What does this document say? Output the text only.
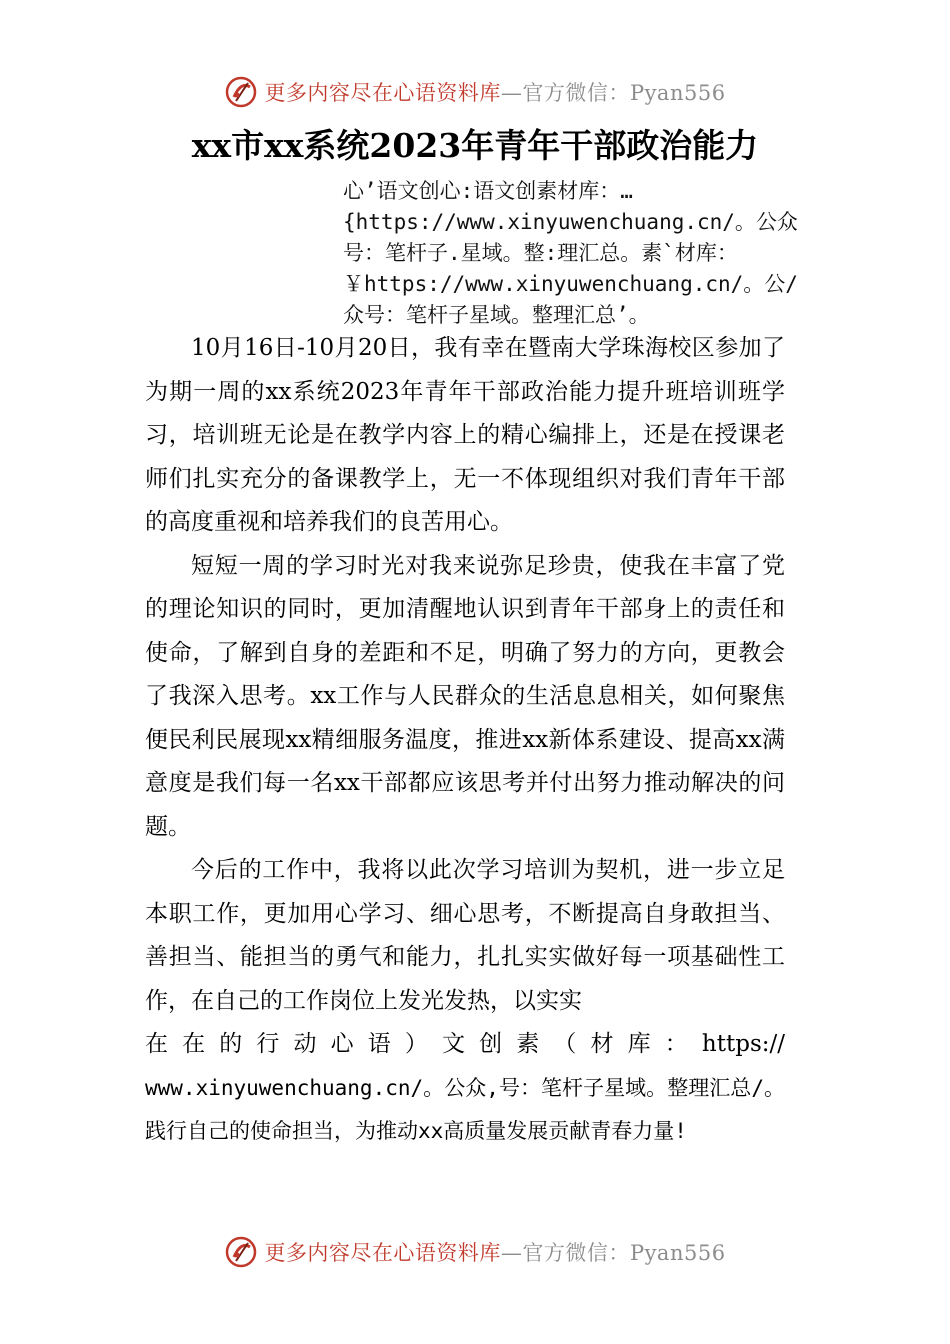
更多内容尽在心语资料库—官方微信：Pyan556
xx市xx系统2023年青年干部政治能力
心’语文创心:语文创素材库：…
{https://www.xinyuwenchuang.cn/。公众
号：笔杆子.星域。整:理汇总。素`材库：
￥https://www.xinyuwenchuang.cn/。公/
众号：笔杆子星域。整理汇总’。

10月16日-10月20日，我有幸在暨南大学珠海校区参加了为期一周的xx系统2023年青年干部政治能力提升班培训班学习，培训班无论是在教学内容上的精心编排上，还是在授课老师们扎实充分的备课教学上，无一不体现组织对我们青年干部的高度重视和培养我们的良苦用心。

短短一周的学习时光对我来说弥足珍贵，使我在丰富了党的理论知识的同时，更加清醒地认识到青年干部身上的责任和使命，了解到自身的差距和不足，明确了努力的方向，更教会了我深入思考。xx工作与人民群众的生活息息相关，如何聚焦便民利民展现xx精细服务温度，推进xx新体系建设、提高xx满意度是我们每一名xx干部都应该思考并付出努力推动解决的问题。

今后的工作中，我将以此次学习培训为契机，进一步立足本职工作，更加用心学习、细心思考，不断提高自身敢担当、善担当、能担当的勇气和能力，扎扎实实做好每一项基础性工作，在自己的工作岗位上发光发热，以实实
在在的行动心语）文创素（材库：https://
www.xinyuwenchuang.cn/。公众,号：笔杆子星域。整理汇总/。践行自己的使命担当，为推动xx高质量发展贡献青春力量!

更多内容尽在心语资料库—官方微信：Pyan556
